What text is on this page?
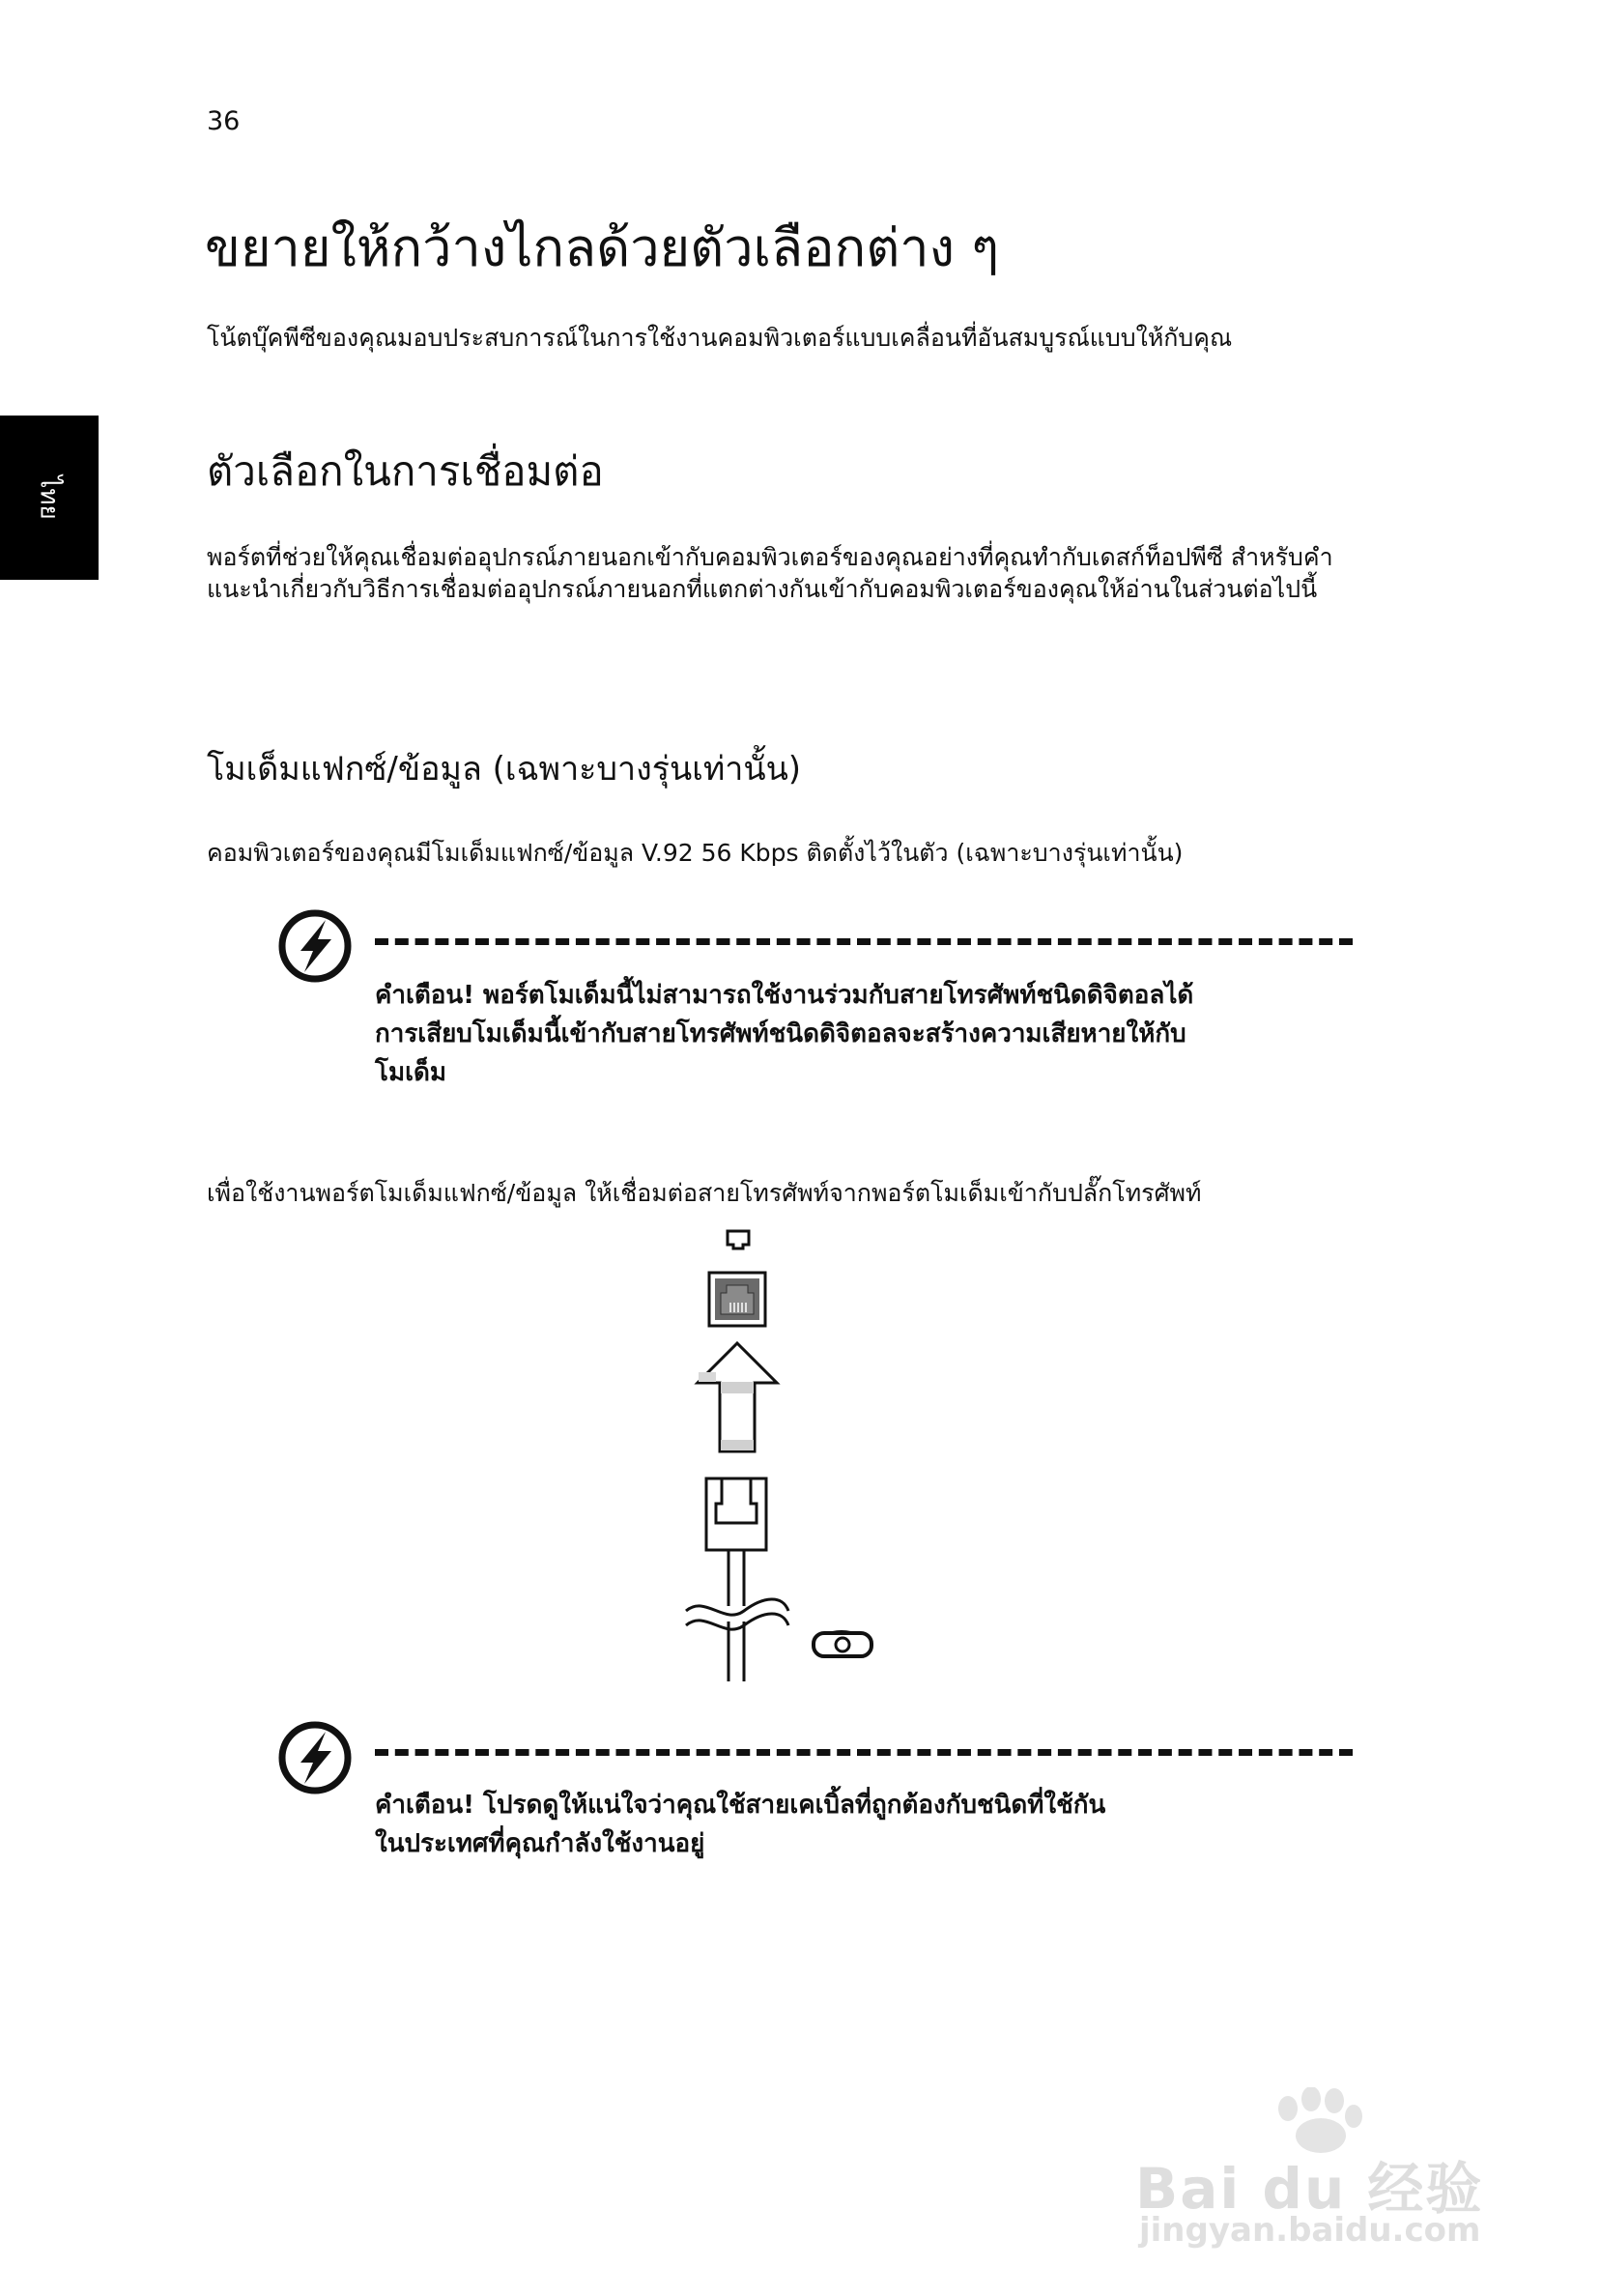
36
ไทย
ขยายให้กว้างไกลด้วยตัวเลือกต่าง ๆ
โน้ตบุ๊คพีซีของคุณมอบประสบการณ์ในการใช้งานคอมพิวเตอร์แบบเคลื่อนที่อันสมบูรณ์แบบให้กับคุณ
ตัวเลือกในการเชื่อมต่อ
พอร์ตที่ช่วยให้คุณเชื่อมต่ออุปกรณ์ภายนอกเข้ากับคอมพิวเตอร์ของคุณอย่างที่คุณทำกับเดสก์ท็อปพีซี สำหรับคำแนะนำเกี่ยวกับวิธีการเชื่อมต่ออุปกรณ์ภายนอกที่แตกต่างกันเข้ากับคอมพิวเตอร์ของคุณให้อ่านในส่วนต่อไปนี้
โมเด็มแฟกซ์/ข้อมูล (เฉพาะบางรุ่นเท่านั้น)
คอมพิวเตอร์ของคุณมีโมเด็มแฟกซ์/ข้อมูล V.92 56 Kbps ติดตั้งไว้ในตัว (เฉพาะบางรุ่นเท่านั้น)
คำเตือน! พอร์ตโมเด็มนี้ไม่สามารถใช้งานร่วมกับสายโทรศัพท์ชนิดดิจิตอลได้
การเสียบโมเด็มนี้เข้ากับสายโทรศัพท์ชนิดดิจิตอลจะสร้างความเสียหายให้กับ
โมเด็ม
เพื่อใช้งานพอร์ตโมเด็มแฟกซ์/ข้อมูล ให้เชื่อมต่อสายโทรศัพท์จากพอร์ตโมเด็มเข้ากับปลั๊กโทรศัพท์
คำเตือน! โปรดดูให้แน่ใจว่าคุณใช้สายเคเบิ้ลที่ถูกต้องกับชนิดที่ใช้กัน
ในประเทศที่คุณกำลังใช้งานอยู่
Bai du 经验
jingyan.baidu.com
